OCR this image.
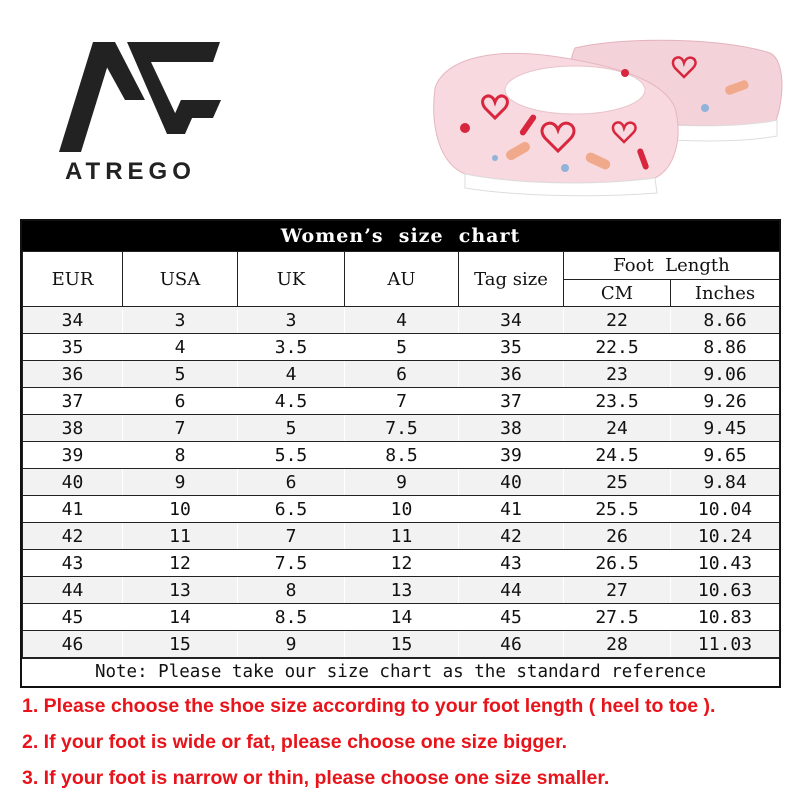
ATREGO
Women’s  size  chart
EUR	USA	UK	AU	Tag size	Foot  Length	
					CM	Inches
34	3	3	4	34	22	8.66
35	4	3.5	5	35	22.5	8.86
36	5	4	6	36	23	9.06
37	6	4.5	7	37	23.5	9.26
38	7	5	7.5	38	24	9.45
39	8	5.5	8.5	39	24.5	9.65
40	9	6	9	40	25	9.84
41	10	6.5	10	41	25.5	10.04
42	11	7	11	42	26	10.24
43	12	7.5	12	43	26.5	10.43
44	13	8	13	44	27	10.63
45	14	8.5	14	45	27.5	10.83
46	15	9	15	46	28	11.03
Note: Please take our size chart as the standard reference
1. Please choose the shoe size according to your foot length ( heel to toe ).
2. If your foot is wide or fat, please choose one size bigger.
3. If your foot is narrow or thin, please choose one size smaller.
